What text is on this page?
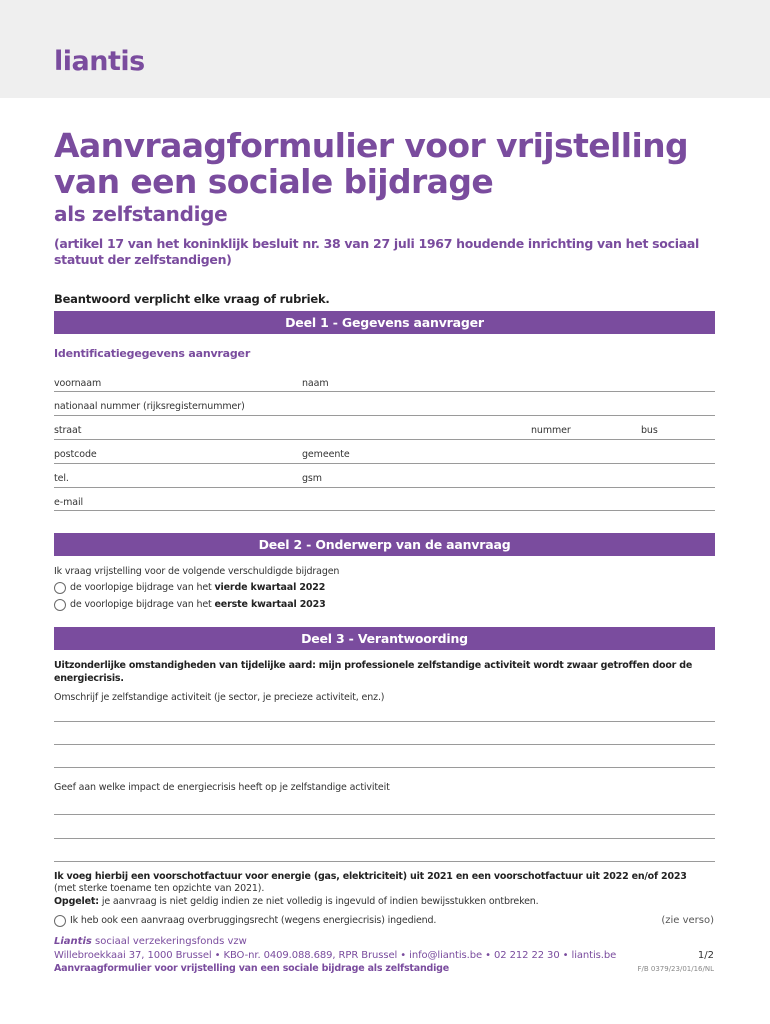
liantis
Aanvraagformulier voor vrijstelling van een sociale bijdrage
als zelfstandige
(artikel 17 van het koninklijk besluit nr. 38 van 27 juli 1967 houdende inrichting van het sociaal statuut der zelfstandigen)
Beantwoord verplicht elke vraag of rubriek.
Deel 1 - Gegevens aanvrager
Identificatiegegevens aanvrager
voornaam	naam
nationaal nummer (rijksregisternummer)
straat	nummer	bus
postcode	gemeente
tel.	gsm
e-mail
Deel 2 - Onderwerp van de aanvraag
Ik vraag vrijstelling voor de volgende verschuldigde bijdragen
de voorlopige bijdrage van het vierde kwartaal 2022
de voorlopige bijdrage van het eerste kwartaal 2023
Deel 3 - Verantwoording
Uitzonderlijke omstandigheden van tijdelijke aard: mijn professionele zelfstandige activiteit wordt zwaar getroffen door de energiecrisis.
Omschrijf je zelfstandige activiteit (je sector, je precieze activiteit, enz.)
Geef aan welke impact de energiecrisis heeft op je zelfstandige activiteit
Ik voeg hierbij een voorschotfactuur voor energie (gas, elektriciteit) uit 2021 en een voorschotfactuur uit 2022 en/of 2023
(met sterke toename ten opzichte van 2021).
Opgelet: je aanvraag is niet geldig indien ze niet volledig is ingevuld of indien bewijsstukken ontbreken.
Ik heb ook een aanvraag overbruggingsrecht (wegens energiecrisis) ingediend.	(zie verso)
Liantis sociaal verzekeringsfonds vzw
Willebroekkaai 37, 1000 Brussel • KBO-nr. 0409.088.689, RPR Brussel • info@liantis.be • 02 212 22 30 • liantis.be
Aanvraagformulier voor vrijstelling van een sociale bijdrage als zelfstandige
1/2
F/B 0379/23/01/16/NL
